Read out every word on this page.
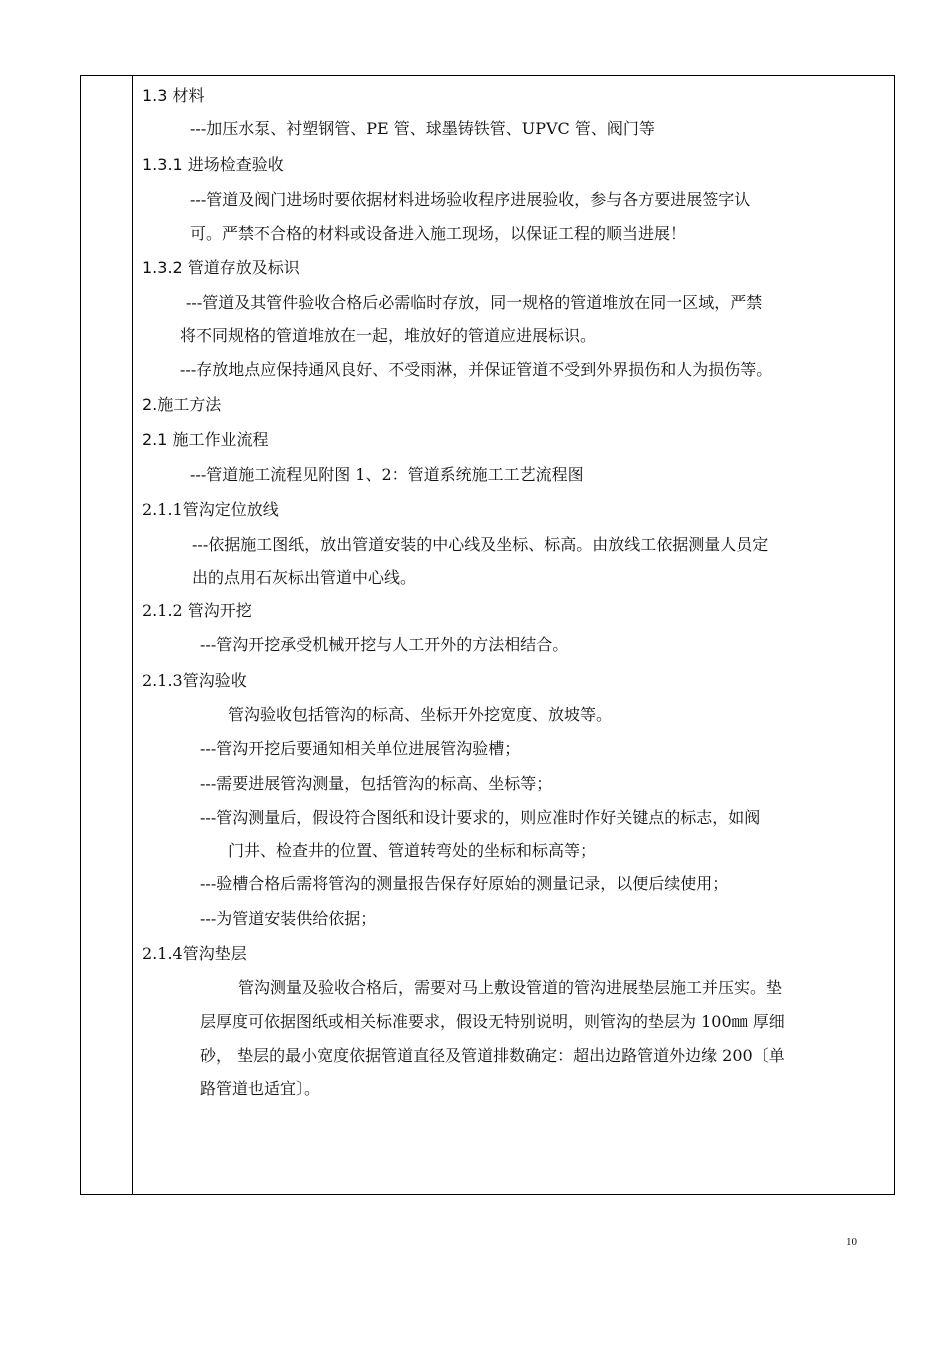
1.3 材料
---加压水泵、衬塑钢管、PE 管、球墨铸铁管、UPVC 管、阀门等
1.3.1 进场检查验收
---管道及阀门进场时要依据材料进场验收程序进展验收，参与各方要进展签字认
可。严禁不合格的材料或设备进入施工现场，以保证工程的顺当进展！
1.3.2 管道存放及标识
---管道及其管件验收合格后必需临时存放，同一规格的管道堆放在同一区域，严禁
将不同规格的管道堆放在一起，堆放好的管道应进展标识。
---存放地点应保持通风良好、不受雨淋，并保证管道不受到外界损伤和人为损伤等。
2.施工方法
2.1 施工作业流程
---管道施工流程见附图 1、2：管道系统施工工艺流程图
2.1.1管沟定位放线
---依据施工图纸，放出管道安装的中心线及坐标、标高。由放线工依据测量人员定
出的点用石灰标出管道中心线。
2.1.2 管沟开挖
---管沟开挖承受机械开挖与人工开外的方法相结合。
2.1.3管沟验收
管沟验收包括管沟的标高、坐标开外挖宽度、放坡等。
---管沟开挖后要通知相关单位进展管沟验槽；
---需要进展管沟测量，包括管沟的标高、坐标等；
---管沟测量后，假设符合图纸和设计要求的，则应准时作好关键点的标志，如阀
门井、检查井的位置、管道转弯处的坐标和标高等；
---验槽合格后需将管沟的测量报告保存好原始的测量记录，以便后续使用；
---为管道安装供给依据；
2.1.4管沟垫层
管沟测量及验收合格后，需要对马上敷设管道的管沟进展垫层施工并压实。垫
层厚度可依据图纸或相关标准要求，假设无特别说明，则管沟的垫层为 100㎜ 厚细
砂， 垫层的最小宽度依据管道直径及管道排数确定：超出边路管道外边缘 200〔单
路管道也适宜〕。
10
